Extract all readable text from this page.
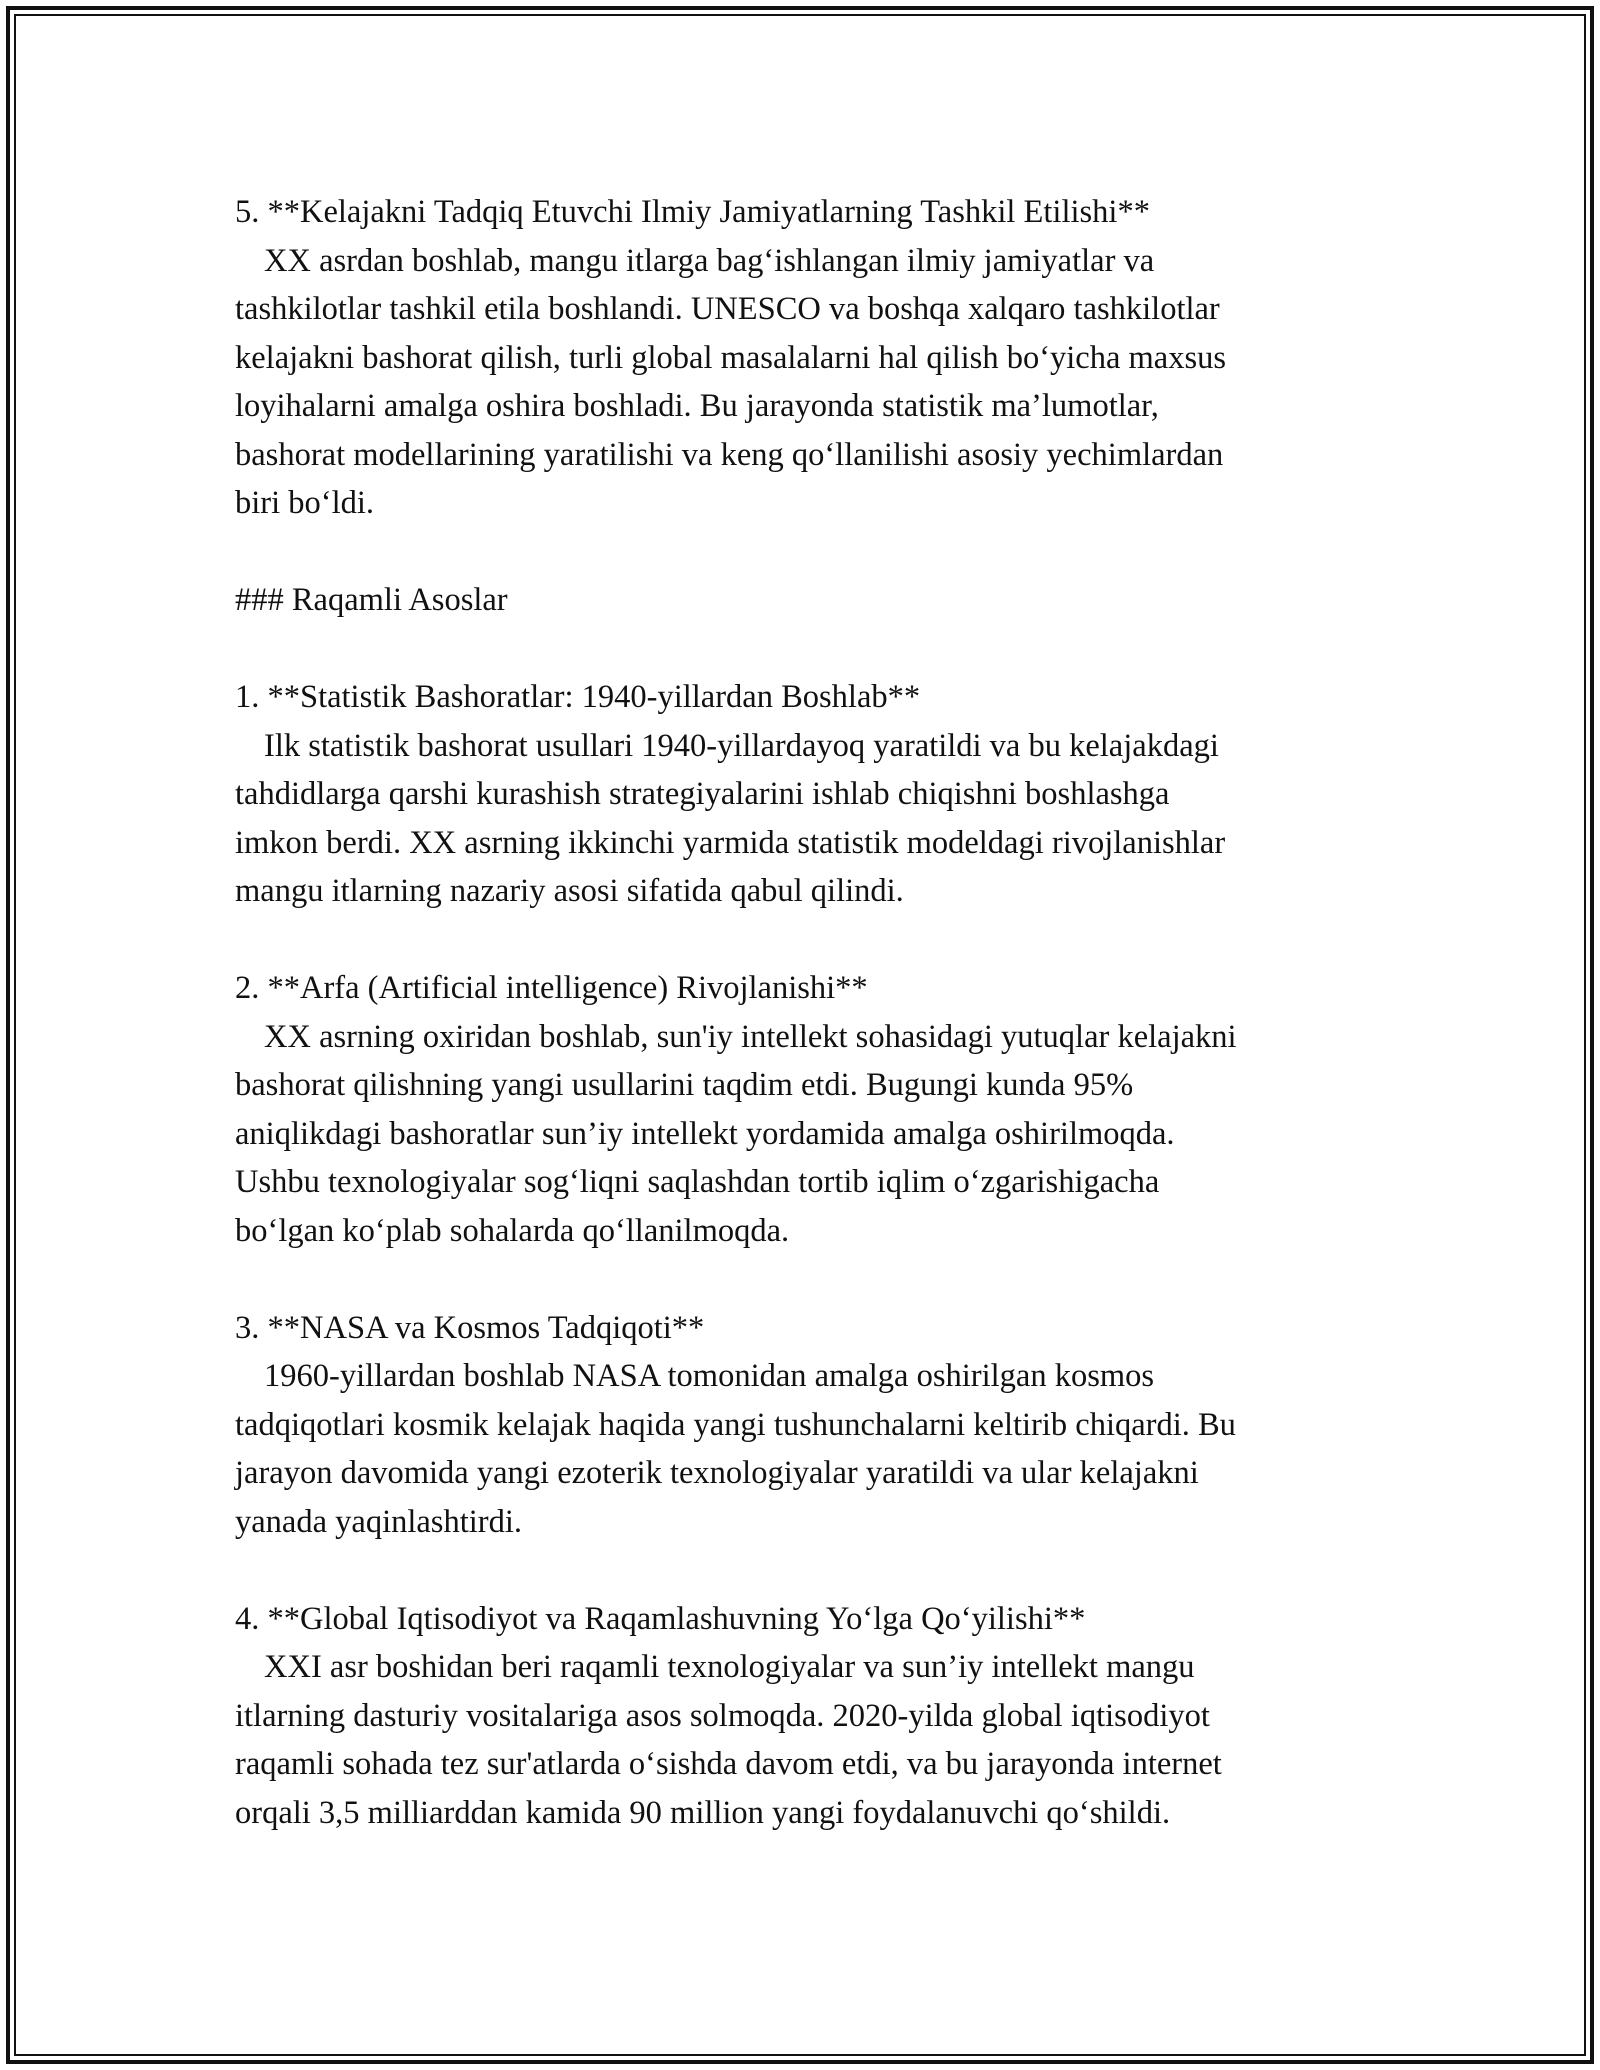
5. **Kelajakni Tadqiq Etuvchi Ilmiy Jamiyatlarning Tashkil Etilishi**
XX asrdan boshlab, mangu itlarga bag‘ishlangan ilmiy jamiyatlar va
tashkilotlar tashkil etila boshlandi. UNESCO va boshqa xalqaro tashkilotlar
kelajakni bashorat qilish, turli global masalalarni hal qilish bo‘yicha maxsus
loyihalarni amalga oshira boshladi. Bu jarayonda statistik ma’lumotlar,
bashorat modellarining yaratilishi va keng qo‘llanilishi asosiy yechimlardan
biri bo‘ldi.
### Raqamli Asoslar
1. **Statistik Bashoratlar: 1940-yillardan Boshlab**
Ilk statistik bashorat usullari 1940-yillardayoq yaratildi va bu kelajakdagi
tahdidlarga qarshi kurashish strategiyalarini ishlab chiqishni boshlashga
imkon berdi. XX asrning ikkinchi yarmida statistik modeldagi rivojlanishlar
mangu itlarning nazariy asosi sifatida qabul qilindi.
2. **Arfa (Artificial intelligence) Rivojlanishi**
XX asrning oxiridan boshlab, sun'iy intellekt sohasidagi yutuqlar kelajakni
bashorat qilishning yangi usullarini taqdim etdi. Bugungi kunda 95%
aniqlikdagi bashoratlar sun’iy intellekt yordamida amalga oshirilmoqda.
Ushbu texnologiyalar sog‘liqni saqlashdan tortib iqlim o‘zgarishigacha
bo‘lgan ko‘plab sohalarda qo‘llanilmoqda.
3. **NASA va Kosmos Tadqiqoti**
1960-yillardan boshlab NASA tomonidan amalga oshirilgan kosmos
tadqiqotlari kosmik kelajak haqida yangi tushunchalarni keltirib chiqardi. Bu
jarayon davomida yangi ezoterik texnologiyalar yaratildi va ular kelajakni
yanada yaqinlashtirdi.
4. **Global Iqtisodiyot va Raqamlashuvning Yo‘lga Qo‘yilishi**
XXI asr boshidan beri raqamli texnologiyalar va sun’iy intellekt mangu
itlarning dasturiy vositalariga asos solmoqda. 2020-yilda global iqtisodiyot
raqamli sohada tez sur'atlarda o‘sishda davom etdi, va bu jarayonda internet
orqali 3,5 milliarddan kamida 90 million yangi foydalanuvchi qo‘shildi.
